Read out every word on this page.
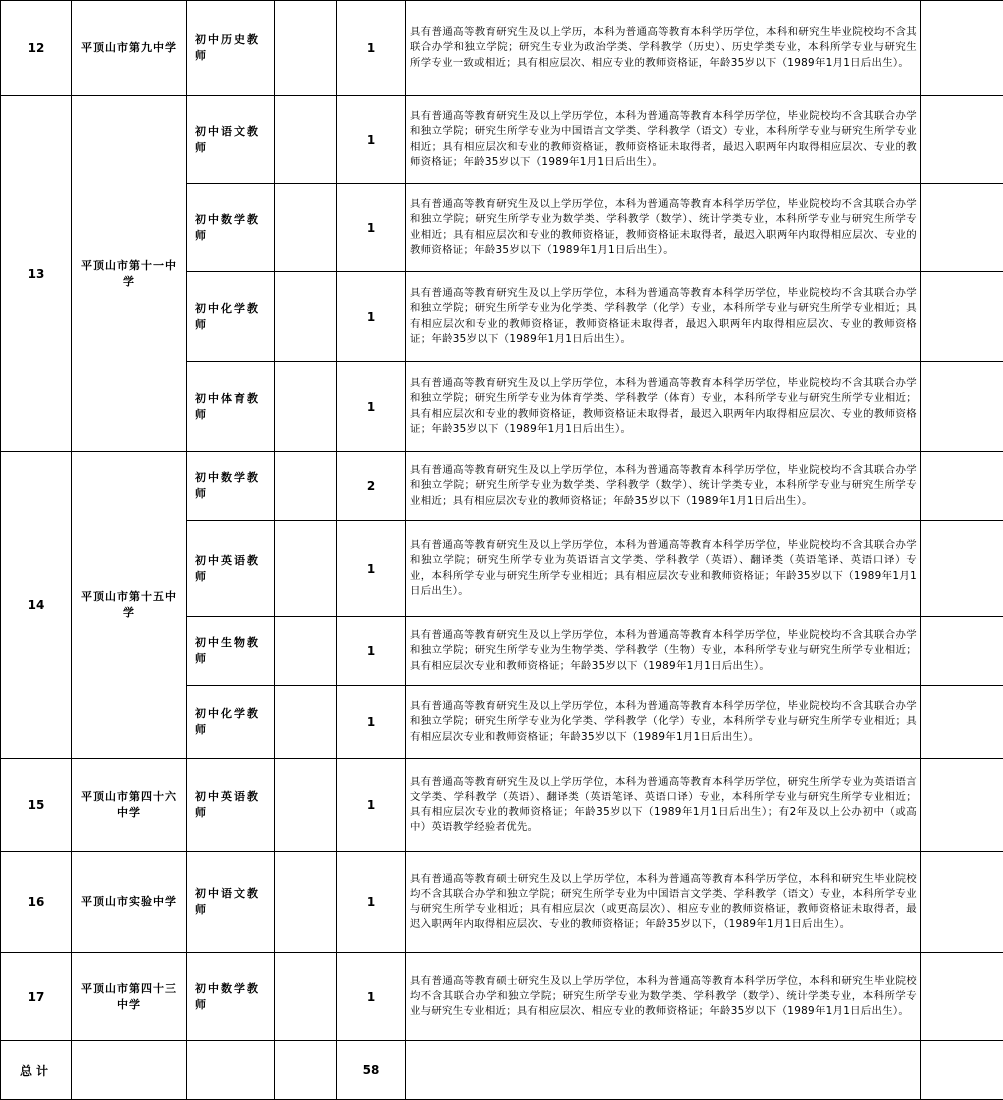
12	平顶山市第九中学	初中历史教师		1	具有普通高等教育研究生及以上学历，本科为普通高等教育本科学历学位，本科和研究生毕业院校均不含其联合办学和独立学院；研究生专业为政治学类、学科教学（历史）、历史学类专业，本科所学专业与研究生所学专业一致或相近；具有相应层次、相应专业的教师资格证，年龄35岁以下（1989年1月1日后出生）。	
13	平顶山市第十一中学	初中语文教师		1	具有普通高等教育研究生及以上学历学位，本科为普通高等教育本科学历学位，毕业院校均不含其联合办学和独立学院；研究生所学专业为中国语言文学类、学科教学（语文）专业，本科所学专业与研究生所学专业相近；具有相应层次和专业的教师资格证，教师资格证未取得者，最迟入职两年内取得相应层次、专业的教师资格证；年龄35岁以下（1989年1月1日后出生）。	

		初中数学教师		1	具有普通高等教育研究生及以上学历学位，本科为普通高等教育本科学历学位，毕业院校均不含其联合办学和独立学院；研究生所学专业为数学类、学科教学（数学）、统计学类专业，本科所学专业与研究生所学专业相近；具有相应层次和专业的教师资格证，教师资格证未取得者，最迟入职两年内取得相应层次、专业的教师资格证；年龄35岁以下（1989年1月1日后出生）。	

		初中化学教师		1	具有普通高等教育研究生及以上学历学位，本科为普通高等教育本科学历学位，毕业院校均不含其联合办学和独立学院；研究生所学专业为化学类、学科教学（化学）专业，本科所学专业与研究生所学专业相近；具有相应层次和专业的教师资格证，教师资格证未取得者，最迟入职两年内取得相应层次、专业的教师资格证；年龄35岁以下（1989年1月1日后出生）。	

		初中体育教师		1	具有普通高等教育研究生及以上学历学位，本科为普通高等教育本科学历学位，毕业院校均不含其联合办学和独立学院；研究生所学专业为体育学类、学科教学（体育）专业，本科所学专业与研究生所学专业相近；具有相应层次和专业的教师资格证，教师资格证未取得者，最迟入职两年内取得相应层次、专业的教师资格证；年龄35岁以下（1989年1月1日后出生）。	
14	平顶山市第十五中学	初中数学教师		2	具有普通高等教育研究生及以上学历学位，本科为普通高等教育本科学历学位，毕业院校均不含其联合办学和独立学院；研究生所学专业为数学类、学科教学（数学）、统计学类专业，本科所学专业与研究生所学专业相近；具有相应层次专业的教师资格证；年龄35岁以下（1989年1月1日后出生）。	

		初中英语教师		1	具有普通高等教育研究生及以上学历学位，本科为普通高等教育本科学历学位，毕业院校均不含其联合办学和独立学院；研究生所学专业为英语语言文学类、学科教学（英语）、翻译类（英语笔译、英语口译）专业，本科所学专业与研究生所学专业相近；具有相应层次专业和教师资格证；年龄35岁以下（1989年1月1日后出生）。	

		初中生物教师		1	具有普通高等教育研究生及以上学历学位，本科为普通高等教育本科学历学位，毕业院校均不含其联合办学和独立学院；研究生所学专业为生物学类、学科教学（生物）专业，本科所学专业与研究生所学专业相近；具有相应层次专业和教师资格证；年龄35岁以下（1989年1月1日后出生）。	

		初中化学教师		1	具有普通高等教育研究生及以上学历学位，本科为普通高等教育本科学历学位，毕业院校均不含其联合办学和独立学院；研究生所学专业为化学类、学科教学（化学）专业，本科所学专业与研究生所学专业相近；具有相应层次专业和教师资格证；年龄35岁以下（1989年1月1日后出生）。	
15	平顶山市第四十六中学	初中英语教师		1	具有普通高等教育研究生及以上学历学位，本科为普通高等教育本科学历学位，研究生所学专业为英语语言文学类、学科教学（英语）、翻译类（英语笔译、英语口译）专业，本科所学专业与研究生所学专业相近；具有相应层次专业的教师资格证；年龄35岁以下（1989年1月1日后出生）；有2年及以上公办初中（或高中）英语教学经验者优先。	
16	平顶山市实验中学	初中语文教师		1	具有普通高等教育硕士研究生及以上学历学位，本科为普通高等教育本科学历学位，本科和研究生毕业院校均不含其联合办学和独立学院；研究生所学专业为中国语言文学类、学科教学（语文）专业，本科所学专业与研究生所学专业相近；具有相应层次（或更高层次）、相应专业的教师资格证，教师资格证未取得者，最迟入职两年内取得相应层次、专业的教师资格证；年龄35岁以下，（1989年1月1日后出生）。	
17	平顶山市第四十三中学	初中数学教师		1	具有普通高等教育硕士研究生及以上学历学位，本科为普通高等教育本科学历学位，本科和研究生毕业院校均不含其联合办学和独立学院；研究生所学专业为数学类、学科教学（数学）、统计学类专业，本科所学专业与研究生专业相近；具有相应层次、相应专业的教师资格证；年龄35岁以下（1989年1月1日后出生）。	
总计				58		
